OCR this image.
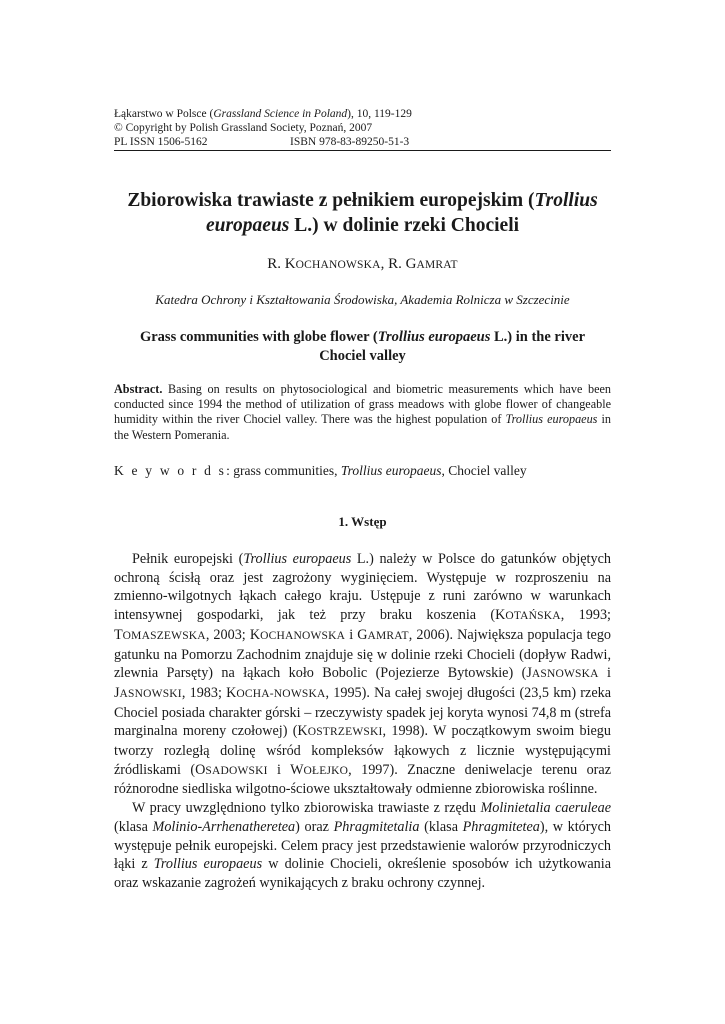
Łąkarstwo w Polsce (Grassland Science in Poland), 10, 119-129
© Copyright by Polish Grassland Society, Poznań, 2007
PL ISSN 1506-5162	ISBN 978-83-89250-51-3
Zbiorowiska trawiaste z pełnikiem europejskim (Trollius
europaeus L.) w dolinie rzeki Chocieli
R. KOCHANOWSKA, R. GAMRAT
Katedra Ochrony i Kształtowania Środowiska, Akademia Rolnicza w Szczecinie
Grass communities with globe flower (Trollius europaeus L.) in the river
Chociel valley
Abstract. Basing on results on phytosociological and biometric measurements which have been conducted since 1994 the method of utilization of grass meadows with globe flower of changeable humidity within the river Chociel valley. There was the highest population of Trollius europaeus in the Western Pomerania.
K e y w o r d s: grass communities, Trollius europaeus, Chociel valley
1. Wstęp

Pełnik europejski (Trollius europaeus L.) należy w Polsce do gatunków objętych ochroną ścisłą oraz jest zagrożony wyginięciem. Występuje w rozproszeniu na zmienno-wilgotnych łąkach całego kraju. Ustępuje z runi zarówno w warunkach intensywnej gospodarki, jak też przy braku koszenia (KOTAŃSKA, 1993; TOMASZEWSKA, 2003; KOCHANOWSKA i GAMRAT, 2006). Największa populacja tego gatunku na Pomorzu Zachodnim znajduje się w dolinie rzeki Chocieli (dopływ Radwi, zlewnia Parsęty) na łąkach koło Bobolic (Pojezierze Bytowskie) (JASNOWSKA i JASNOWSKI, 1983; KOCHA-NOWSKA, 1995). Na całej swojej długości (23,5 km) rzeka Chociel posiada charakter górski – rzeczywisty spadek jej koryta wynosi 74,8 m (strefa marginalna moreny czołowej) (KOSTRZEWSKI, 1998). W początkowym swoim biegu tworzy rozległą dolinę wśród kompleksów łąkowych z licznie występującymi źródliskami (OSADOWSKI i WOŁEJKO, 1997). Znaczne deniwelacje terenu oraz różnorodne siedliska wilgotno-ściowe ukształtowały odmienne zbiorowiska roślinne.

W pracy uwzględniono tylko zbiorowiska trawiaste z rzędu Molinietalia caeruleae (klasa Molinio-Arrhenatheretea) oraz Phragmitetalia (klasa Phragmitetea), w których występuje pełnik europejski. Celem pracy jest przedstawienie walorów przyrodniczych łąki z Trollius europaeus w dolinie Chocieli, określenie sposobów ich użytkowania oraz wskazanie zagrożeń wynikających z braku ochrony czynnej.
